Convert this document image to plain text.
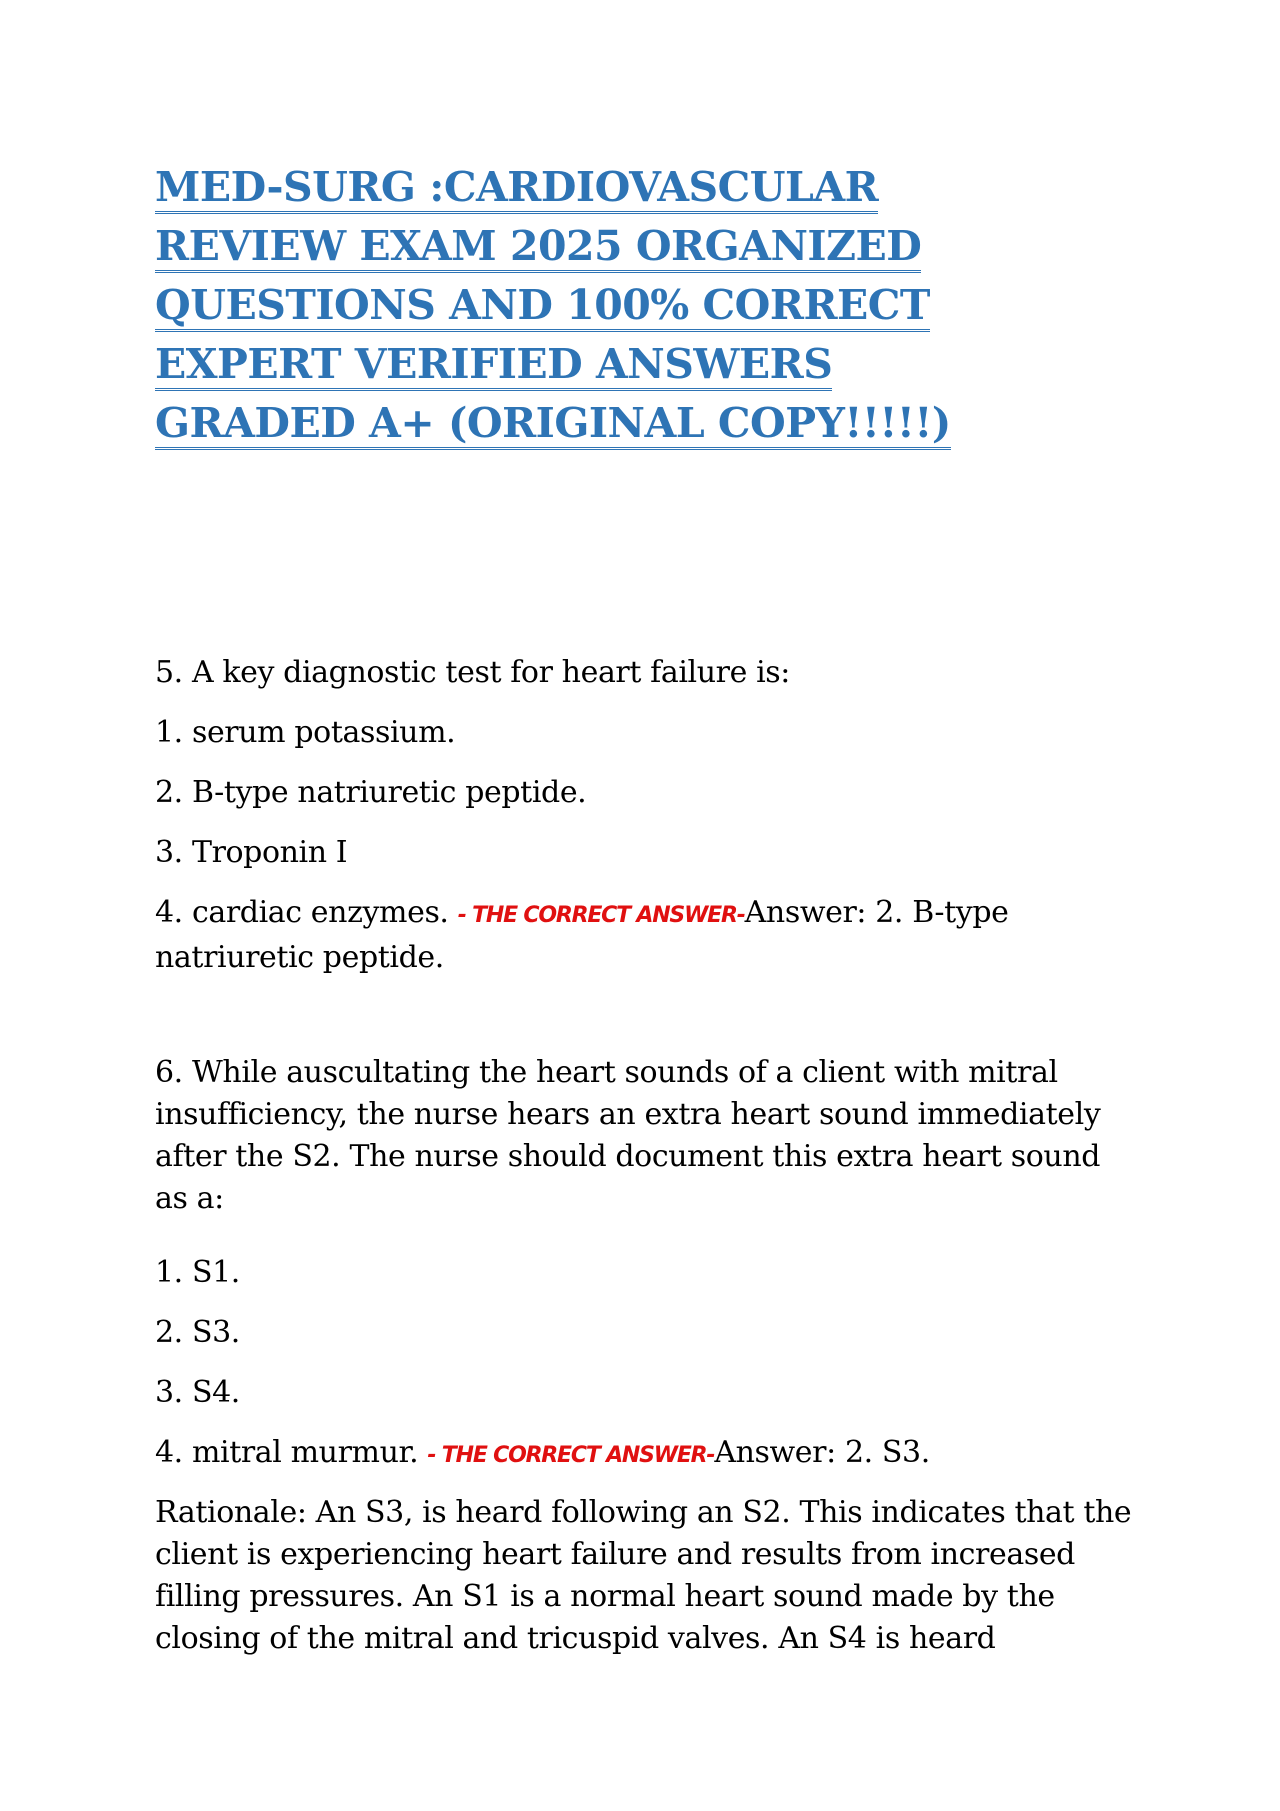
MED-SURG :CARDIOVASCULAR
REVIEW EXAM 2025 ORGANIZED
QUESTIONS AND 100% CORRECT
EXPERT VERIFIED ANSWERS
GRADED A+ (ORIGINAL COPY!!!!!)

5. A key diagnostic test for heart failure is:

1. serum potassium.

2. B-type natriuretic peptide.

3. Troponin I

4. cardiac enzymes. - THE CORRECT ANSWER-Answer: 2. B-type natriuretic peptide.

6. While auscultating the heart sounds of a client with mitral insufficiency, the nurse hears an extra heart sound immediately after the S2. The nurse should document this extra heart sound as a:

1. S1.

2. S3.

3. S4.

4. mitral murmur. - THE CORRECT ANSWER-Answer: 2. S3.

Rationale: An S3, is heard following an S2. This indicates that the client is experiencing heart failure and results from increased filling pressures. An S1 is a normal heart sound made by the closing of the mitral and tricuspid valves. An S4 is heard
